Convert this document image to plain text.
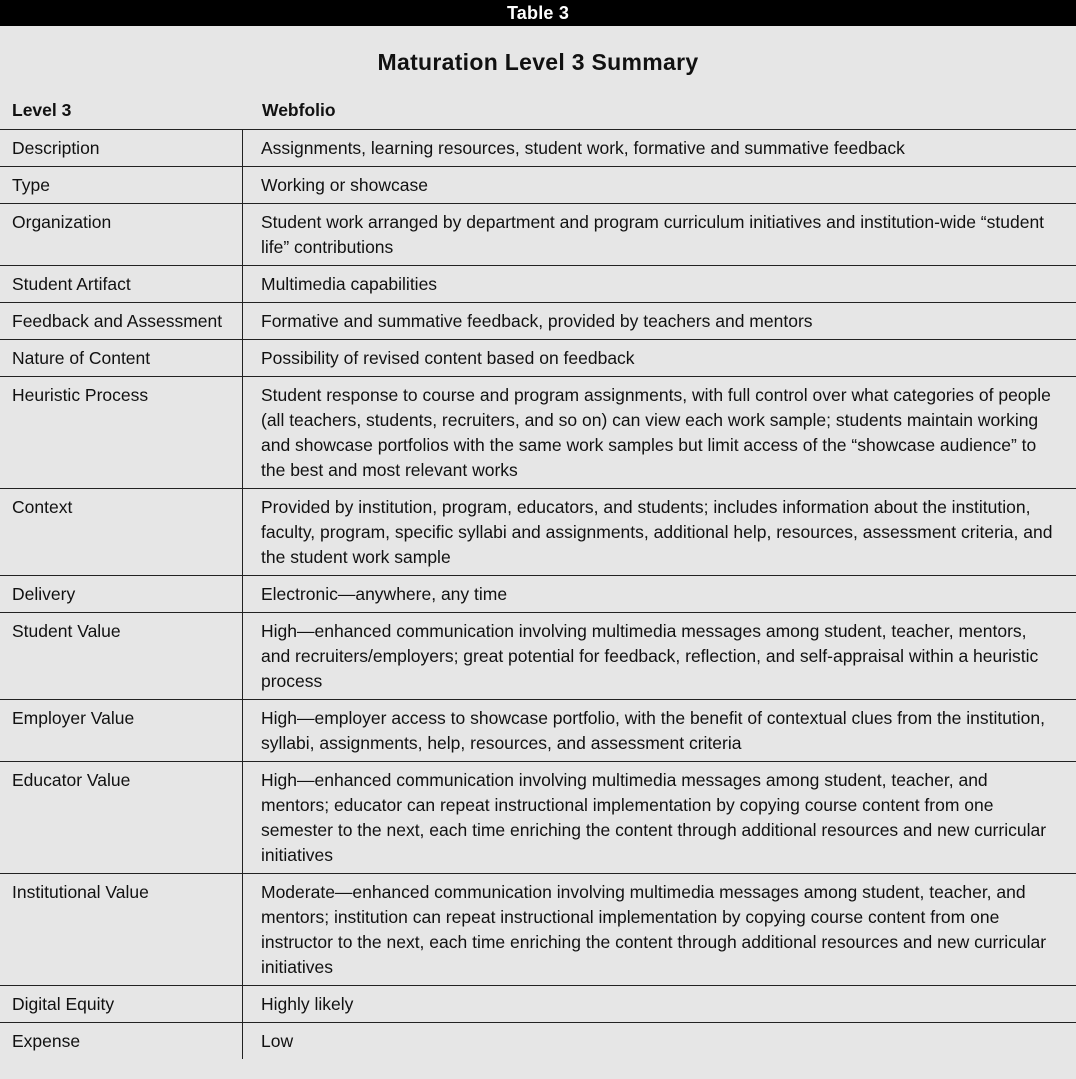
Table 3
Maturation Level 3 Summary
Level 3	Webfolio
Description	Assignments, learning resources, student work, formative and summative feedback
Type	Working or showcase
Organization	Student work arranged by department and program curriculum initiatives and institution-wide “student life” contributions
Student Artifact	Multimedia capabilities
Feedback and Assessment	Formative and summative feedback, provided by teachers and mentors
Nature of Content	Possibility of revised content based on feedback
Heuristic Process	Student response to course and program assignments, with full control over what categories of people (all teachers, students, recruiters, and so on) can view each work sample; students maintain working and showcase portfolios with the same work samples but limit access of the “showcase audience” to the best and most relevant works
Context	Provided by institution, program, educators, and students; includes information about the institution, faculty, program, specific syllabi and assignments, additional help, resources, assessment criteria, and the student work sample
Delivery	Electronic—anywhere, any time
Student Value	High—enhanced communication involving multimedia messages among student, teacher, mentors, and recruiters/employers; great potential for feedback, reflection, and self-appraisal within a heuristic process
Employer Value	High—employer access to showcase portfolio, with the benefit of contextual clues from the institution, syllabi, assignments, help, resources, and assessment criteria
Educator Value	High—enhanced communication involving multimedia messages among student, teacher, and mentors; educator can repeat instructional implementation by copying course content from one semester to the next, each time enriching the content through additional resources and new curricular initiatives
Institutional Value	Moderate—enhanced communication involving multimedia messages among student, teacher, and mentors; institution can repeat instructional implementation by copying course content from one instructor to the next, each time enriching the content through additional resources and new curricular initiatives
Digital Equity	Highly likely
Expense	Low
